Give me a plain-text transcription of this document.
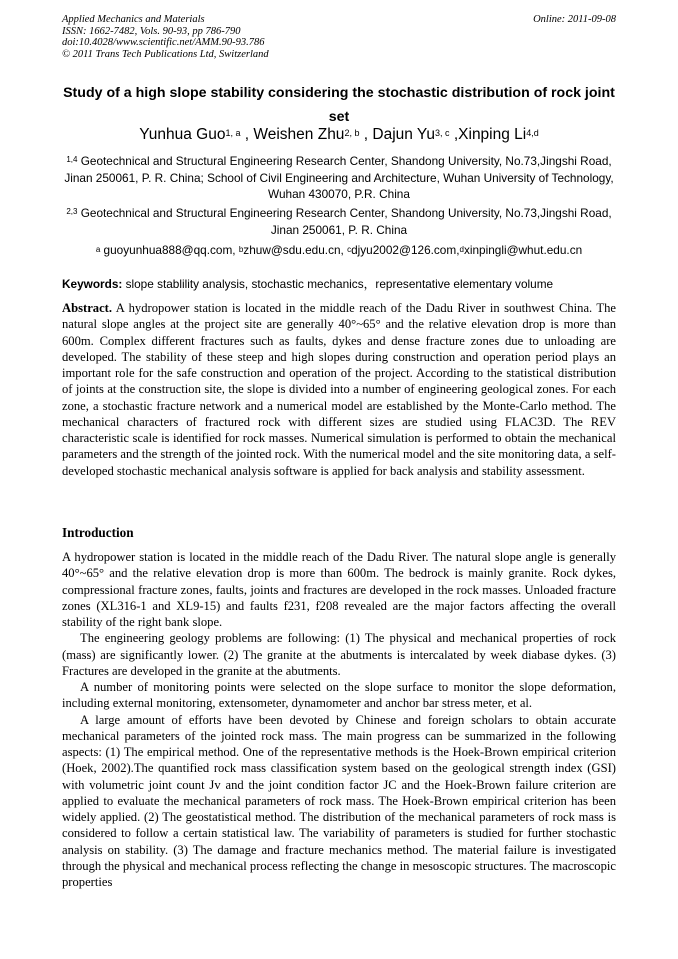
Applied Mechanics and Materials
ISSN: 1662-7482, Vols. 90-93, pp 786-790
doi:10.4028/www.scientific.net/AMM.90-93.786
© 2011 Trans Tech Publications Ltd, Switzerland
Online: 2011-09-08
Study of a high slope stability considering the stochastic distribution of rock joint set
Yunhua Guo$^{1, a}$ , Weishen Zhu$^{2, b}$ , Dajun Yu$^{3, c}$ ,Xinping Li$^{4,d}$
$^{1,4}$ Geotechnical and Structural Engineering Research Center, Shandong University, No.73,Jingshi Road, Jinan 250061, P. R. China; School of Civil Engineering and Architecture, Wuhan University of Technology, Wuhan 430070, P.R. China
$^{2,3}$ Geotechnical and Structural Engineering Research Center, Shandong University, No.73,Jingshi Road, Jinan 250061, P. R. China
$^a$ guoyunhua888@qq.com, $^b$zhuw@sdu.edu.cn, $^c$djyu2002@126.com,$^d$xinpingli@whut.edu.cn
Keywords: slope stablility analysis, stochastic mechanics，representative elementary volume
Abstract. A hydropower station is located in the middle reach of the Dadu River in southwest China. The natural slope angles at the project site are generally 40°~65° and the relative elevation drop is more than 600m. Complex different fractures such as faults, dykes and dense fracture zones due to unloading are developed. The stability of these steep and high slopes during construction and operation period plays an important role for the safe construction and operation of the project. According to the statistical distribution of joints at the construction site, the slope is divided into a number of engineering geological zones. For each zone, a stochastic fracture network and a numerical model are established by the Monte-Carlo method. The mechanical characters of fractured rock with different sizes are studied using FLAC3D. The REV characteristic scale is identified for rock masses. Numerical simulation is performed to obtain the mechanical parameters and the strength of the jointed rock. With the numerical model and the site monitoring data, a self-developed stochastic mechanical analysis software is applied for back analysis and stability assessment.
Introduction

A hydropower station is located in the middle reach of the Dadu River. The natural slope angle is generally 40°~65° and the relative elevation drop is more than 600m. The bedrock is mainly granite. Rock dykes, compressional fracture zones, faults, joints and fractures are developed in the rock masses. Unloaded fracture zones (XL316-1 and XL9-15) and faults f231, f208 revealed are the major factors affecting the overall stability of the right bank slope.

The engineering geology problems are following: (1) The physical and mechanical properties of rock (mass) are significantly lower. (2) The granite at the abutments is intercalated by week diabase dykes. (3) Fractures are developed in the granite at the abutments.

A number of monitoring points were selected on the slope surface to monitor the slope deformation, including external monitoring, extensometer, dynamometer and anchor bar stress meter, et al.

A large amount of efforts have been devoted by Chinese and foreign scholars to obtain accurate mechanical parameters of the jointed rock mass. The main progress can be summarized in the following aspects: (1) The empirical method. One of the representative methods is the Hoek-Brown empirical criterion (Hoek, 2002).The quantified rock mass classification system based on the geological strength index (GSI) with volumetric joint count Jv and the joint condition factor JC and the Hoek-Brown failure criterion are applied to evaluate the mechanical parameters of rock mass. The Hoek-Brown empirical criterion has been widely applied. (2) The geostatistical method. The distribution of the mechanical parameters of rock mass is considered to follow a certain statistical law. The variability of parameters is studied for further stochastic analysis on stability. (3) The damage and fracture mechanics method. The material failure is investigated through the physical and mechanical process reflecting the change in mesoscopic structures. The macroscopic properties
